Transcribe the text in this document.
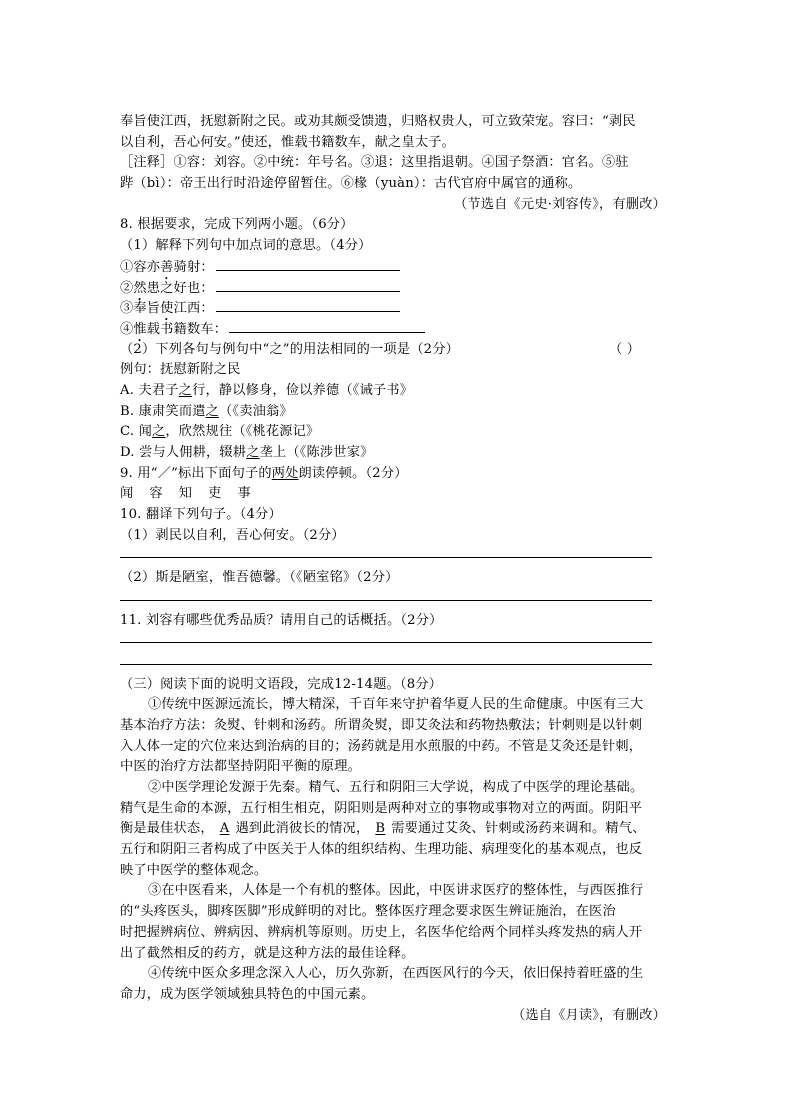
奉旨使江西，抚慰新附之民。或劝其颇受馈遗，归赂权贵人，可立致荣宠。容曰：“剥民
以自利，吾心何安。”使还，惟载书籍数车，献之皇太子。
［注释］①容：刘容。②中统：年号名。③退：这里指退朝。④国子祭酒：官名。⑤驻
跸（bì）：帝王出行时沿途停留暂住。⑥椽（yuàn）：古代官府中属官的通称。
（节选自《元史·刘容传》，有删改）
8. 根据要求，完成下列两小题。（6分）
（1）解释下列句中加点词的意思。（4分）
①容亦善骑射：
②然患之好也：
③奉旨使江西：
④惟载书籍数车：
（2）下列各句与例句中“之”的用法相同的一项是（2分）	（ ）
例句：抚慰新附之民
A. 夫君子之行，静以修身，俭以养德（《诫子书》
B. 康肃笑而遣之（《卖油翁》
C. 闻之，欣然规往（《桃花源记》
D. 尝与人佣耕，辍耕之垄上（《陈涉世家》
9. 用“／”标出下面句子的两处朗读停顿。（2分）
闻 容 知 吏 事
10. 翻译下列句子。（4分）
（1）剥民以自利，吾心何安。（2分）
（2）斯是陋室，惟吾德馨。（《陋室铭》（2分）
11. 刘容有哪些优秀品质？请用自己的话概括。（2分）
（三）阅读下面的说明文语段，完成12-14题。（8分）
①传统中医源远流长，博大精深，千百年来守护着华夏人民的生命健康。中医有三大
基本治疗方法：灸熨、针刺和汤药。所谓灸熨，即艾灸法和药物热敷法；针刺则是以针刺
入人体一定的穴位来达到治病的目的；汤药就是用水煎服的中药。不管是艾灸还是针刺，
中医的治疗方法都坚持阴阳平衡的原理。
②中医学理论发源于先秦。精气、五行和阴阳三大学说，构成了中医学的理论基础。
精气是生命的本源，五行相生相克，阴阳则是两种对立的事物或事物对立的两面。阴阳平
衡是最佳状态， A 遇到此消彼长的情况， B 需要通过艾灸、针刺或汤药来调和。精气、
五行和阴阳三者构成了中医关于人体的组织结构、生理功能、病理变化的基本观点，也反
映了中医学的整体观念。
③在中医看来，人体是一个有机的整体。因此，中医讲求医疗的整体性，与西医推行
的“头疼医头，脚疼医脚”形成鲜明的对比。整体医疗理念要求医生辨证施治，在医治
时把握辨病位、辨病因、辨病机等原则。历史上，名医华佗给两个同样头疼发热的病人开
出了截然相反的药方，就是这种方法的最佳诠释。
④传统中医众多理念深入人心，历久弥新，在西医风行的今天，依旧保持着旺盛的生
命力，成为医学领域独具特色的中国元素。
（选自《月读》，有删改）
